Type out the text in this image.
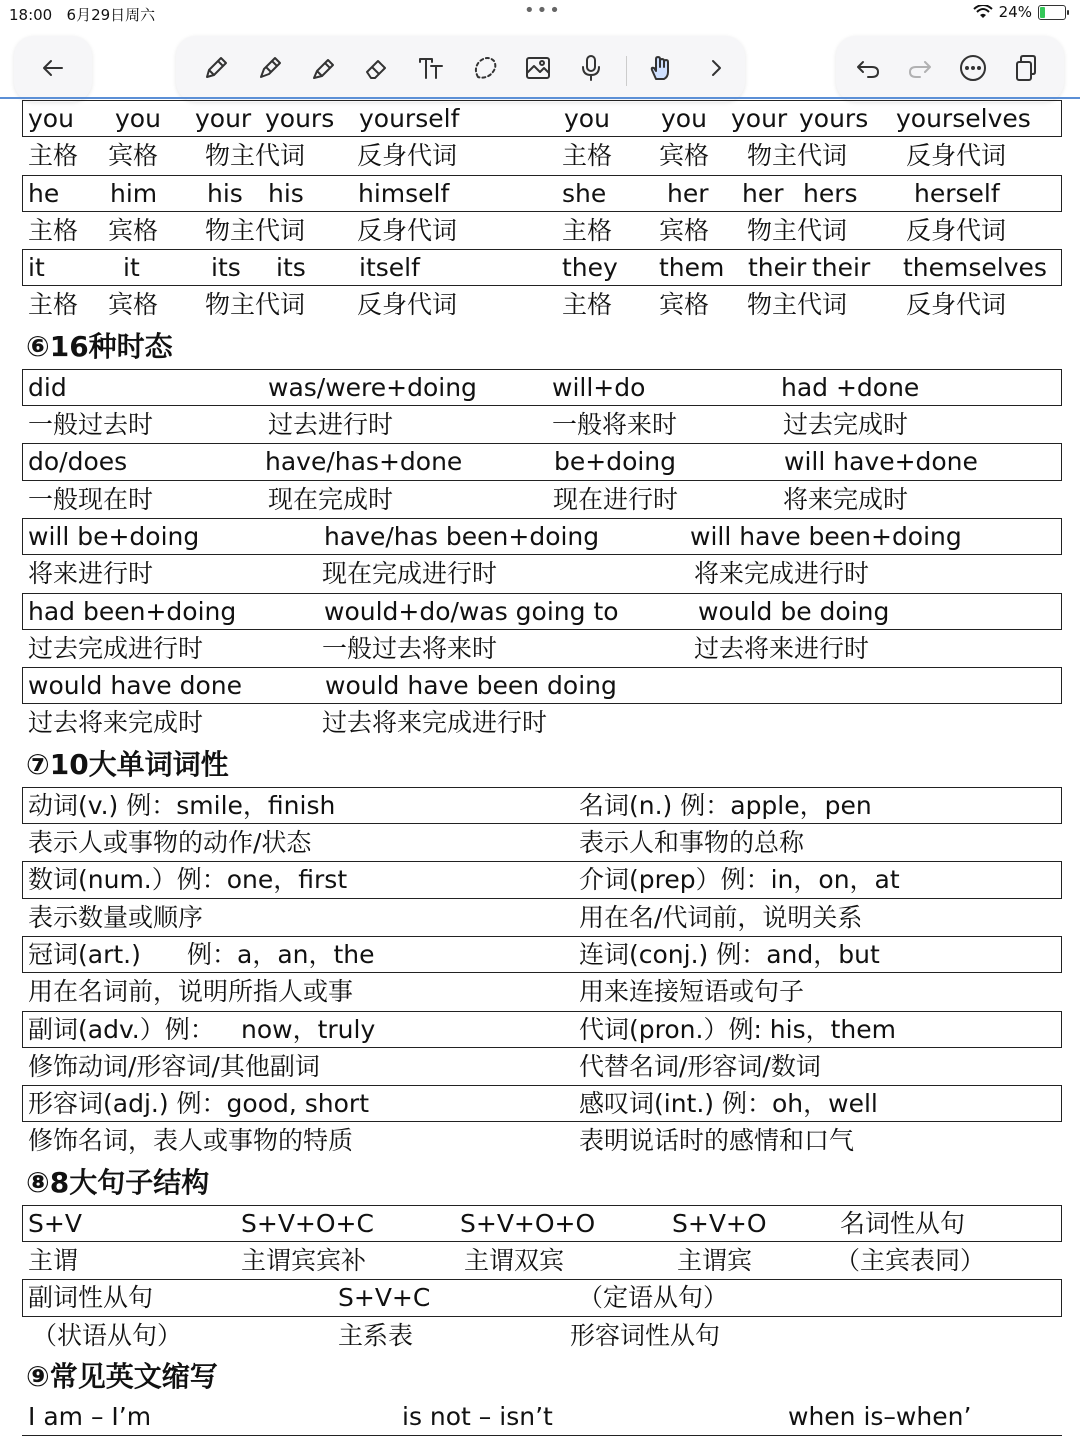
18:00 6月29日周六	•••	24%
you you your yours yourself	you you your yours yourselves
主格 宾格 物主代词 反身代词	主格 宾格 物主代词 反身代词
he him his his himself	she her her hers herself
主格 宾格 物主代词 反身代词	主格 宾格 物主代词 反身代词
it	it	its its itself	they them their their themselves
主格 宾格 物主代词 反身代词	主格 宾格 物主代词 反身代词
⑥16种时态
did	was/were+doing	will+do	had +done
一般过去时	过去进行时	一般将来时	过去完成时
do/does	have/has+done	be+doing	will have+done
一般现在时	现在完成时	现在进行时	将来完成时
will be+doing	have/has been+doing	will have been+doing
将来进行时	现在完成进行时	将来完成进行时
had been+doing	would+do/was going to	would be doing
过去完成进行时	一般过去将来时	过去将来进行时
would have done	would have been doing
过去将来完成时	过去将来完成进行时
⑦10大单词词性
动词(v.) 例：smile，finish	名词(n.) 例：apple，pen
表示人或事物的动作/状态	表示人和事物的总称
数词(num.）例：one，first	介词(prep）例：in，on，at
表示数量或顺序	用在名/代词前，说明关系
冠词(art.) 例：a，an，the	连词(conj.) 例：and，but
用在名词前，说明所指人或事	用来连接短语或句子
副词(adv.）例： now，truly	代词(pron.）例: his，them
修饰动词/形容词/其他副词	代替名词/形容词/数词
形容词(adj.) 例：good, short	感叹词(int.) 例：oh，well
修饰名词，表人或事物的特质	表明说话时的感情和口气
⑧8大句子结构
S+V	S+V+O+C	S+V+O+O	S+V+O	名词性从句
主谓	主谓宾宾补	主谓双宾	主谓宾	（主宾表同）
副词性从句	S+V+C	（定语从句）
（状语从句）	主系表	形容词性从句
⑨常见英文缩写
I am – I’m	is not – isn’t	when is–when’
